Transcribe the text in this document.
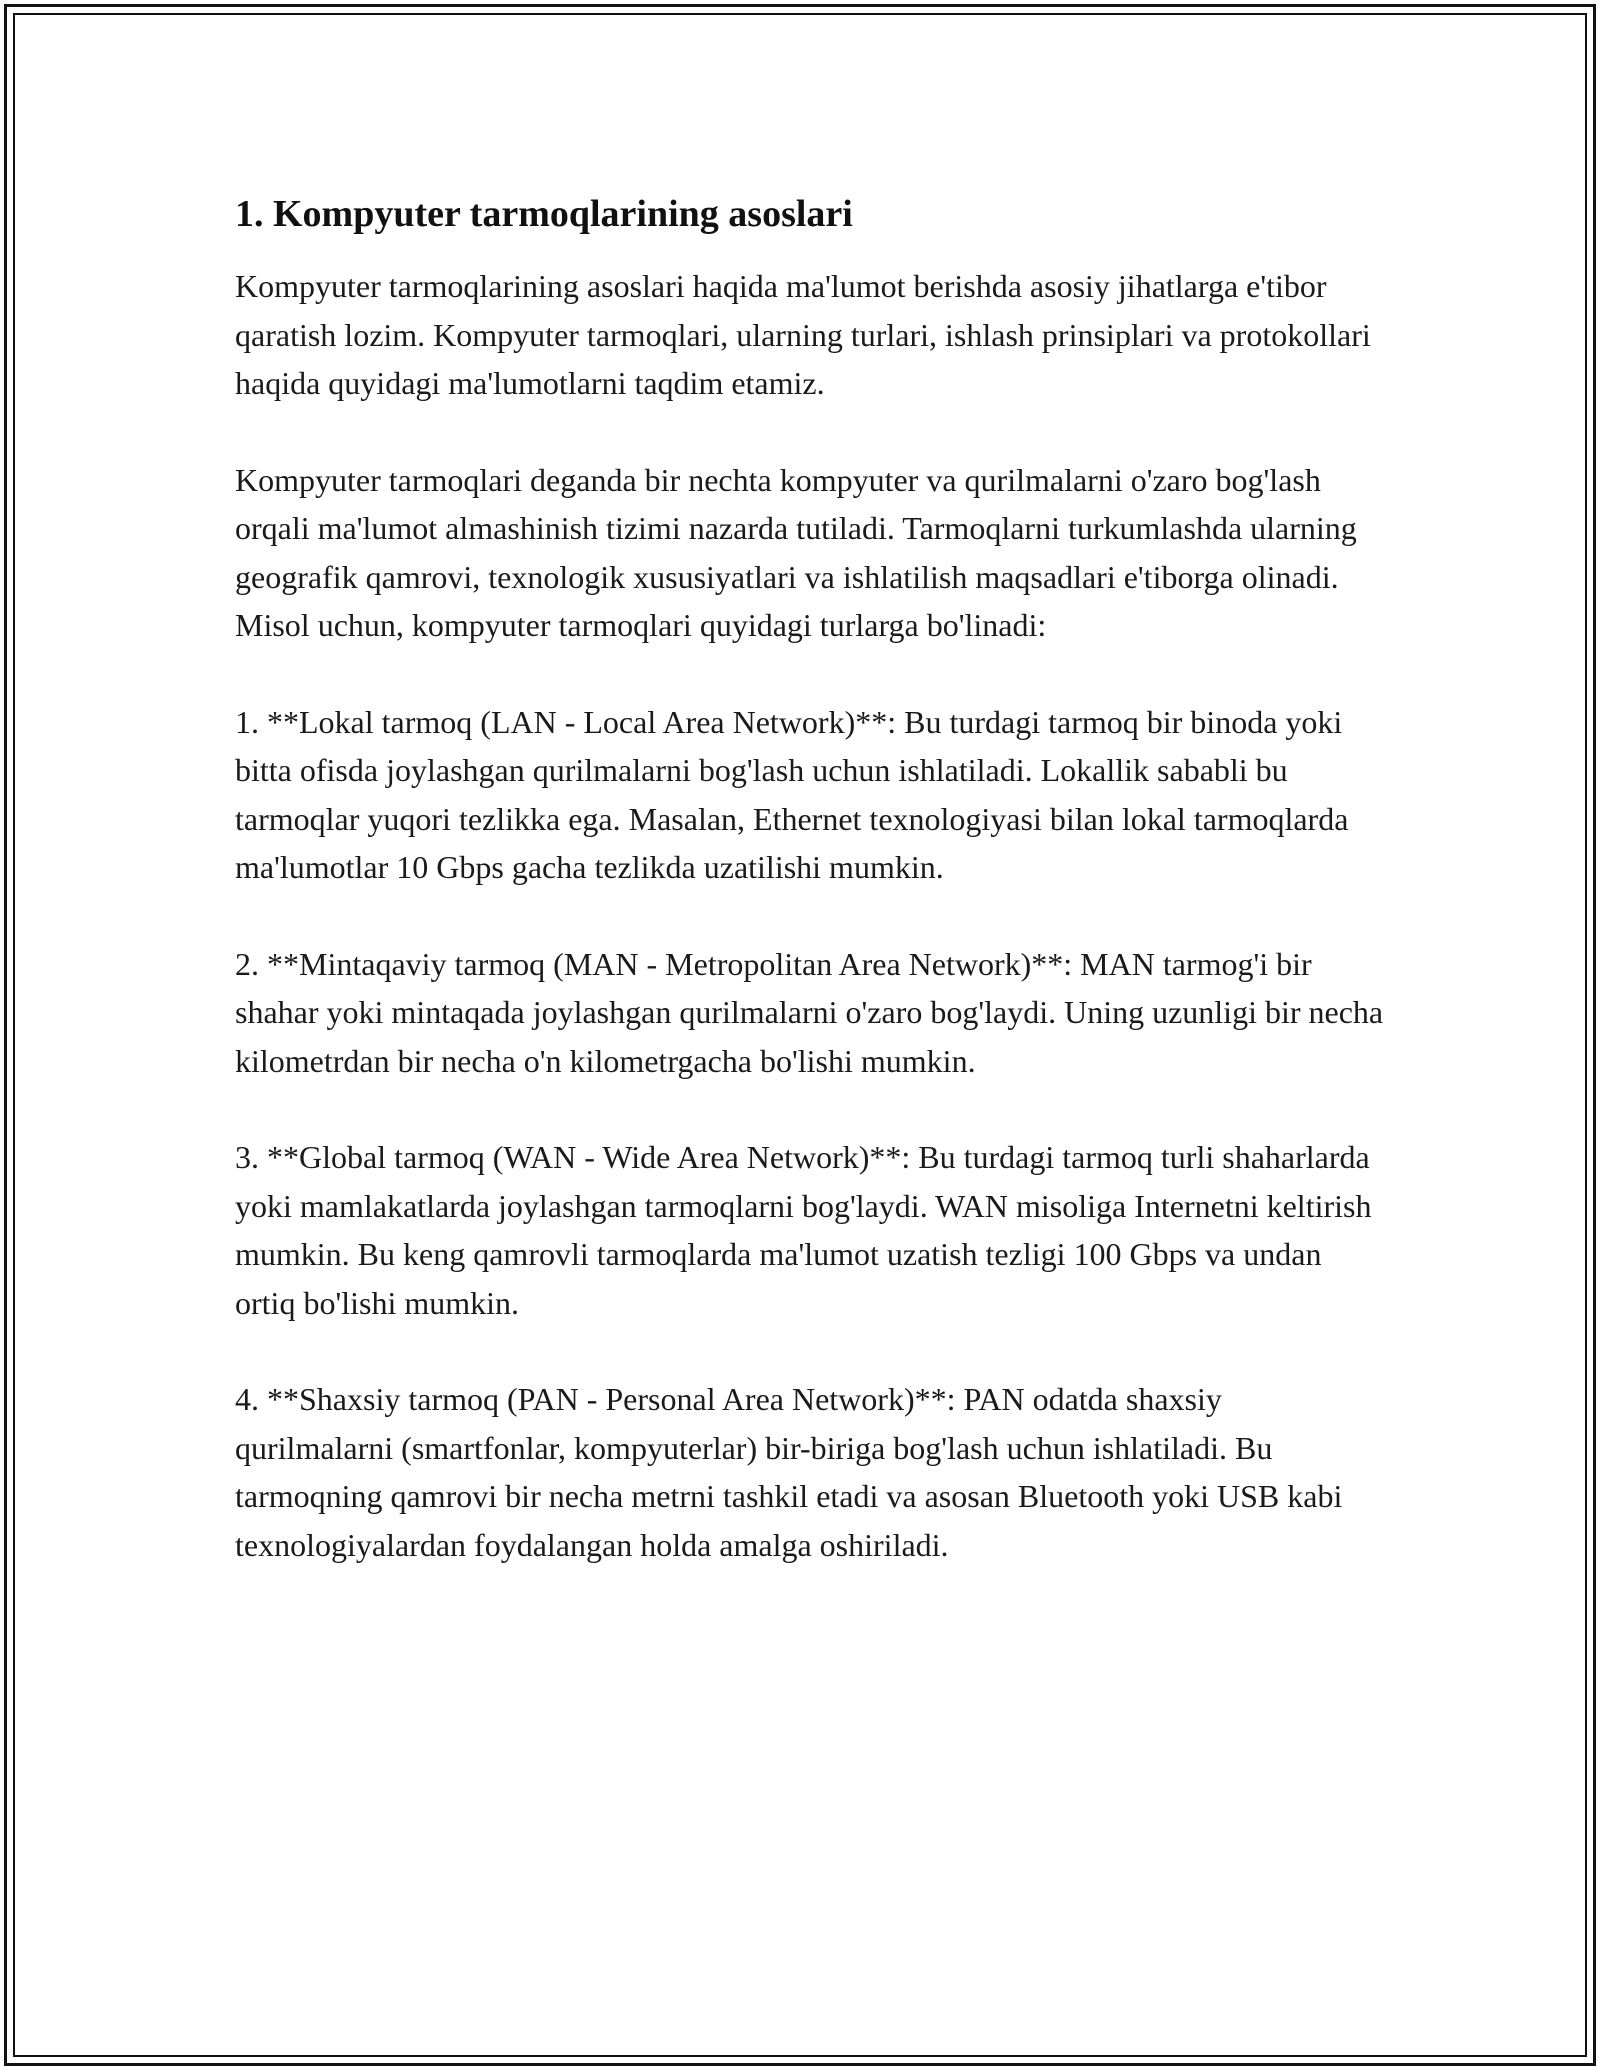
1. Kompyuter tarmoqlarining asoslari

Kompyuter tarmoqlarining asoslari haqida ma'lumot berishda asosiy jihatlarga e'tibor qaratish lozim. Kompyuter tarmoqlari, ularning turlari, ishlash prinsiplari va protokollari haqida quyidagi ma'lumotlarni taqdim etamiz.

Kompyuter tarmoqlari deganda bir nechta kompyuter va qurilmalarni o'zaro bog'lash orqali ma'lumot almashinish tizimi nazarda tutiladi. Tarmoqlarni turkumlashda ularning geografik qamrovi, texnologik xususiyatlari va ishlatilish maqsadlari e'tiborga olinadi. Misol uchun, kompyuter tarmoqlari quyidagi turlarga bo'linadi:

1. **Lokal tarmoq (LAN - Local Area Network)**: Bu turdagi tarmoq bir binoda yoki bitta ofisda joylashgan qurilmalarni bog'lash uchun ishlatiladi. Lokallik sababli bu tarmoqlar yuqori tezlikka ega. Masalan, Ethernet texnologiyasi bilan lokal tarmoqlarda ma'lumotlar 10 Gbps gacha tezlikda uzatilishi mumkin.

2. **Mintaqaviy tarmoq (MAN - Metropolitan Area Network)**: MAN tarmog'i bir shahar yoki mintaqada joylashgan qurilmalarni o'zaro bog'laydi. Uning uzunligi bir necha kilometrdan bir necha o'n kilometrgacha bo'lishi mumkin.

3. **Global tarmoq (WAN - Wide Area Network)**: Bu turdagi tarmoq turli shaharlarda yoki mamlakatlarda joylashgan tarmoqlarni bog'laydi. WAN misoliga Internetni keltirish mumkin. Bu keng qamrovli tarmoqlarda ma'lumot uzatish tezligi 100 Gbps va undan ortiq bo'lishi mumkin.

4. **Shaxsiy tarmoq (PAN - Personal Area Network)**: PAN odatda shaxsiy qurilmalarni (smartfonlar, kompyuterlar) bir-biriga bog'lash uchun ishlatiladi. Bu tarmoqning qamrovi bir necha metrni tashkil etadi va asosan Bluetooth yoki USB kabi texnologiyalardan foydalangan holda amalga oshiriladi.
